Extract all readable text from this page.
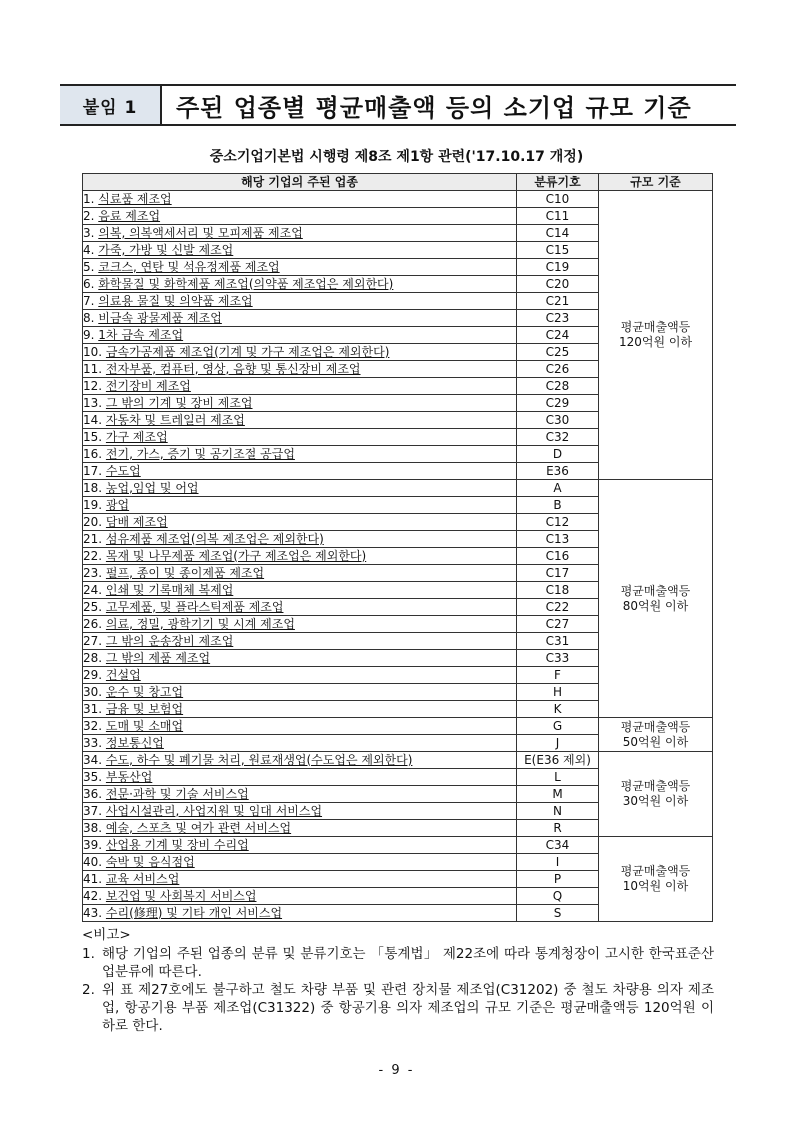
붙임 1	주된 업종별 평균매출액 등의 소기업 규모 기준
중소기업기본법 시행령 제8조 제1항 관련('17.10.17 개정)
해당 기업의 주된 업종	분류기호	규모 기준
1. 식료품 제조업	C10	평균매출액등
120억원 이하

2. 음료 제조업	C11	
3. 의복, 의복액세서리 및 모피제품 제조업	C14	
4. 가죽, 가방 및 신발 제조업	C15	
5. 코크스, 연탄 및 석유정제품 제조업	C19	
6. 화학물질 및 화학제품 제조업(의약품 제조업은 제외한다)	C20	
7. 의료용 물질 및 의약품 제조업	C21	
8. 비금속 광물제품 제조업	C23	
9. 1차 금속 제조업	C24	
10. 금속가공제품 제조업(기계 및 가구 제조업은 제외한다)	C25	
11. 전자부품, 컴퓨터, 영상, 음향 및 통신장비 제조업	C26	
12. 전기장비 제조업	C28	
13. 그 밖의 기계 및 장비 제조업	C29	
14. 자동차 및 트레일러 제조업	C30	
15. 가구 제조업	C32	
16. 전기, 가스, 증기 및 공기조절 공급업	D	
17. 수도업	E36	
18. 농업,임업 및 어업	A	평균매출액등
80억원 이하

19. 광업	B	
20. 담배 제조업	C12	
21. 섬유제품 제조업(의복 제조업은 제외한다)	C13	
22. 목재 및 나무제품 제조업(가구 제조업은 제외한다)	C16	
23. 펄프, 종이 및 종이제품 제조업	C17	
24. 인쇄 및 기록매체 복제업	C18	
25. 고무제품, 및 플라스틱제품 제조업	C22	
26. 의료, 정밀, 광학기기 및 시계 제조업	C27	
27. 그 밖의 운송장비 제조업	C31	
28. 그 밖의 제품 제조업	C33	
29. 건설업	F	
30. 운수 및 창고업	H	
31. 금융 및 보험업	K	
32. 도매 및 소매업	G	평균매출액등
50억원 이하

33. 정보통신업	J	
34. 수도, 하수 및 폐기물 처리, 원료재생업(수도업은 제외한다)	E(E36 제외)	평균매출액등
30억원 이하

35. 부동산업	L	
36. 전문·과학 및 기술 서비스업	M	
37. 사업시설관리, 사업지원 및 임대 서비스업	N	
38. 예술, 스포츠 및 여가 관련 서비스업	R	
39. 산업용 기계 및 장비 수리업	C34	평균매출액등
10억원 이하

40. 숙박 및 음식점업	I	
41. 교육 서비스업	P	
42. 보건업 및 사회복지 서비스업	Q	
43. 수리(修理) 및 기타 개인 서비스업	S	
<비고>
1. 해당 기업의 주된 업종의 분류 및 분류기호는 「통계법」 제22조에 따라 통계청장이 고시한 한국표준산업분류에 따른다.
2. 위 표 제27호에도 불구하고 철도 차량 부품 및 관련 장치물 제조업(C31202) 중 철도 차량용 의자 제조업, 항공기용 부품 제조업(C31322) 중 항공기용 의자 제조업의 규모 기준은 평균매출액등 120억원 이하로 한다.
- 9 -
